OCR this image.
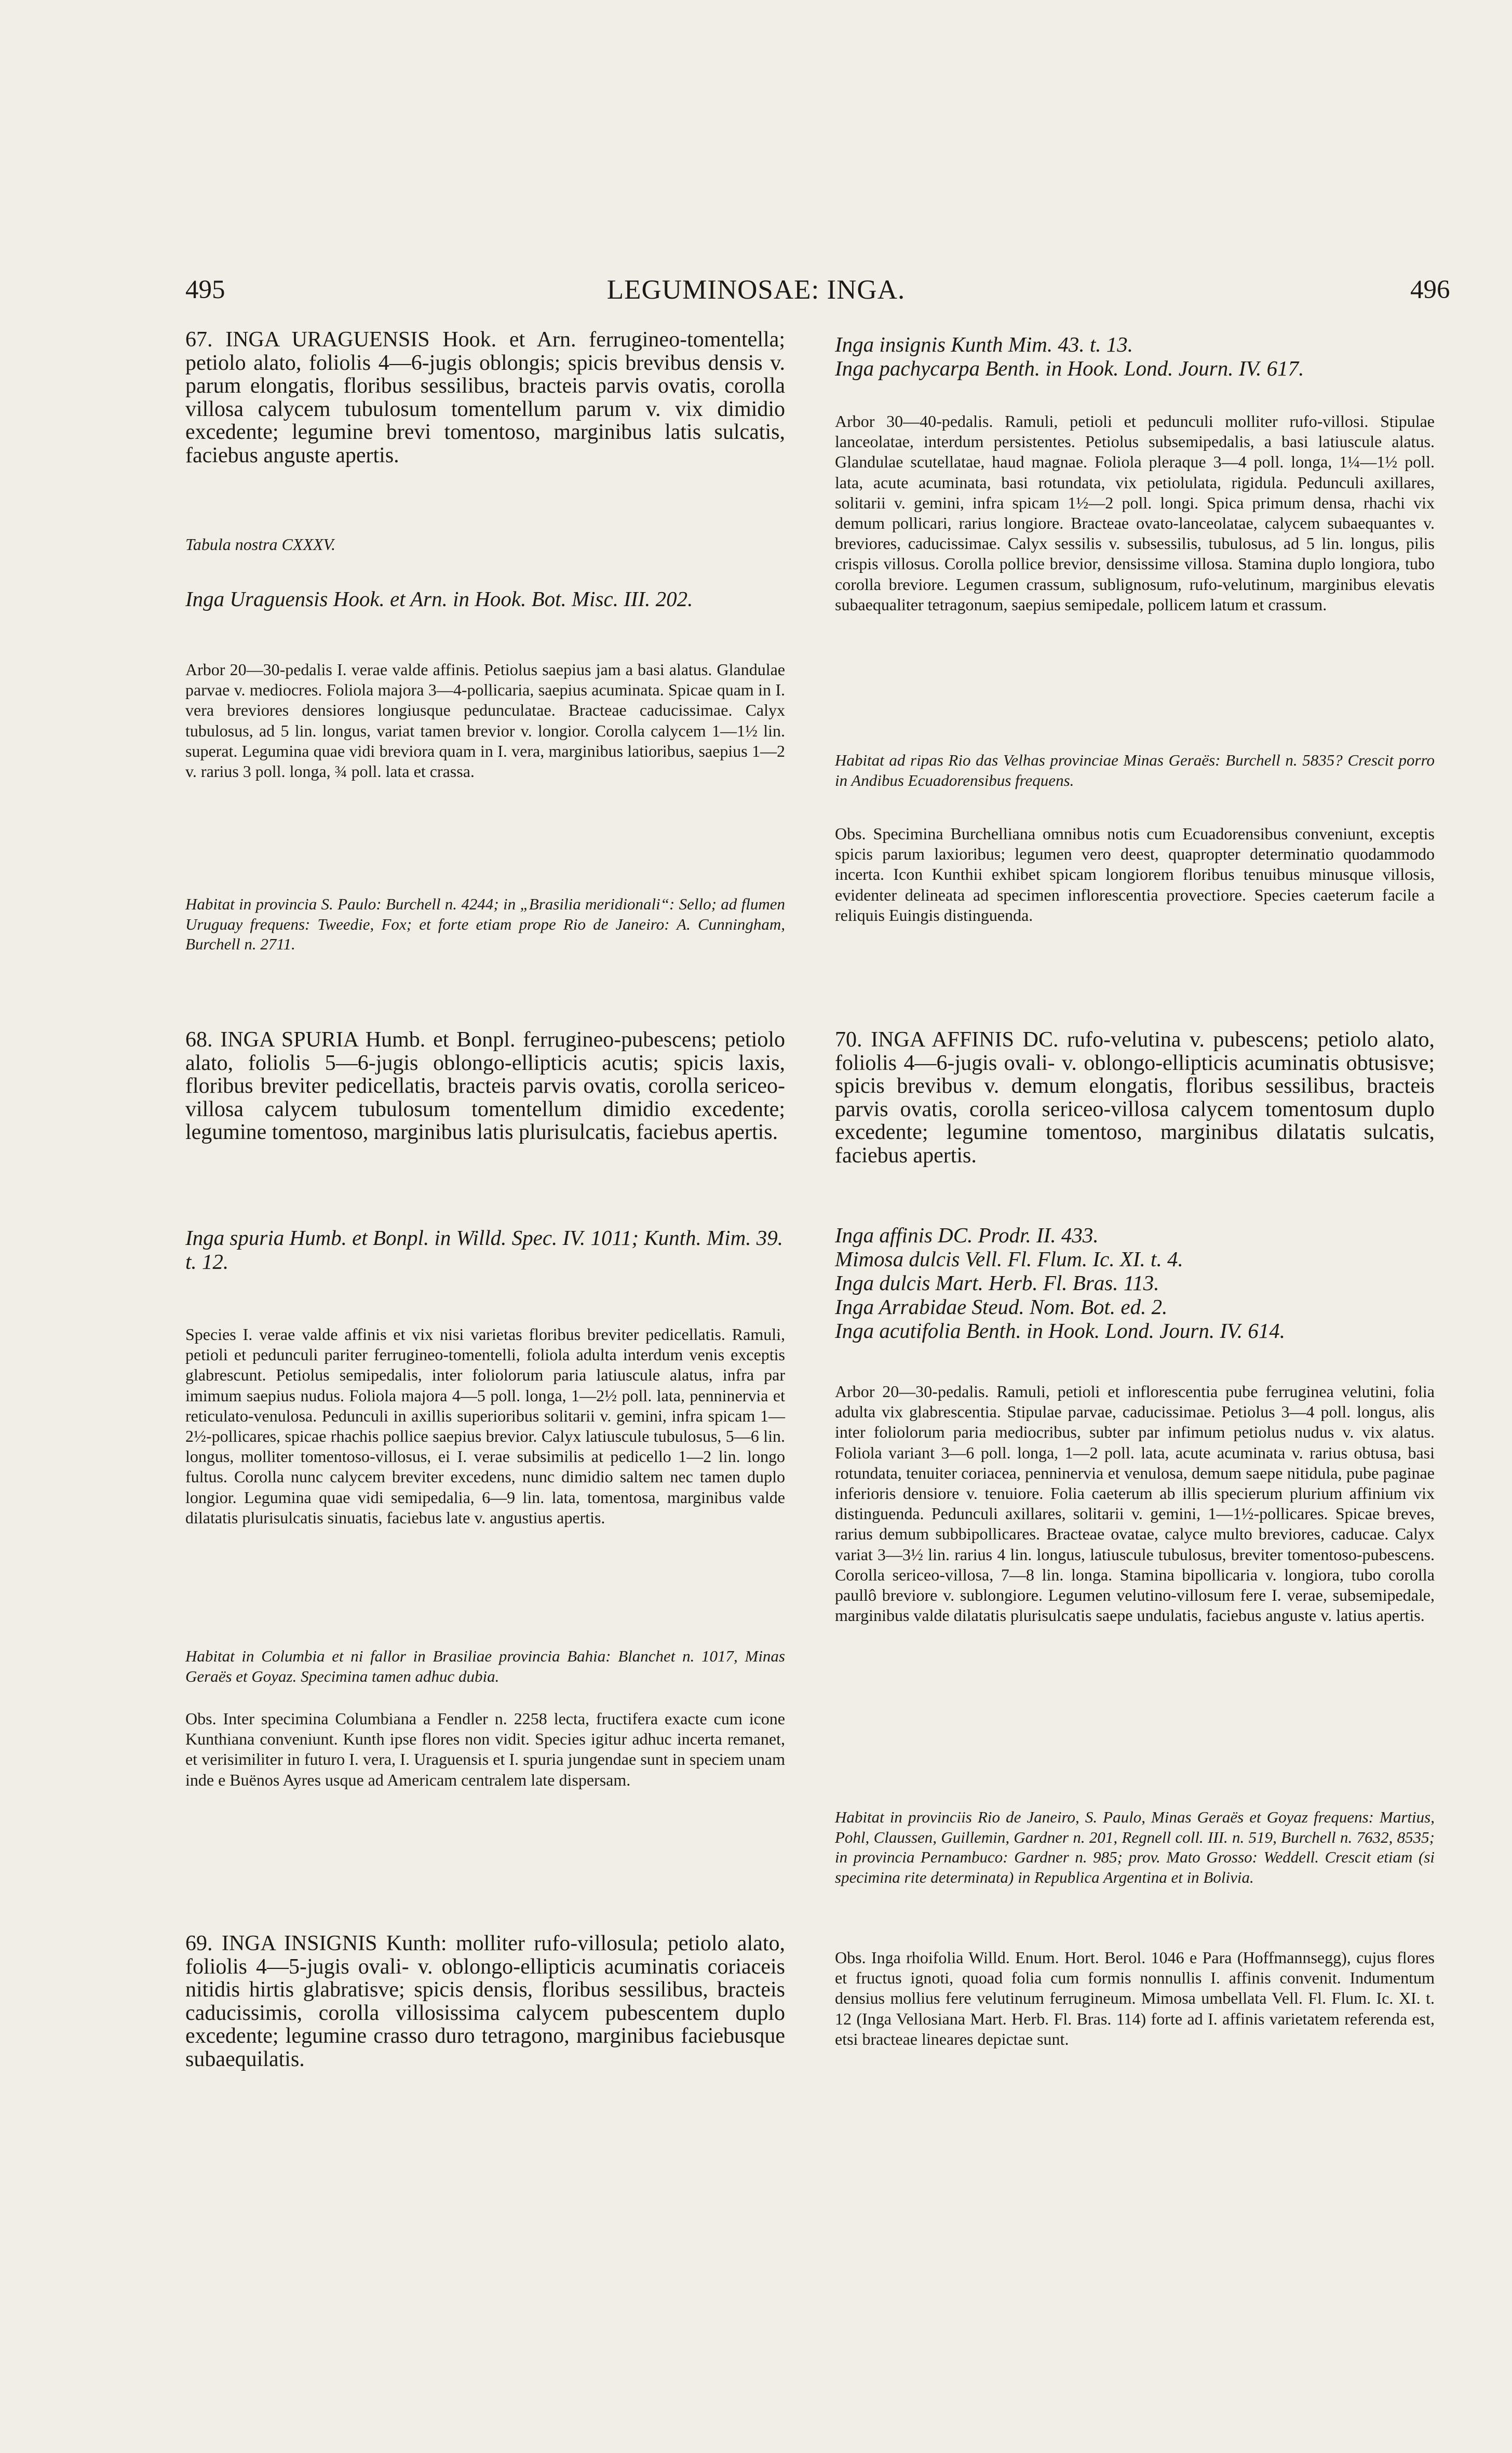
495	LEGUMINOSAE: INGA.	496

67. INGA URAGUENSIS Hook. et Arn. ferrugineo-tomentella; petiolo alato, foliolis 4—6-jugis oblongis; spicis brevibus densis v. parum elongatis, floribus sessilibus, bracteis parvis ovatis, corolla villosa calycem tubulosum tomentellum parum v. vix dimidio excedente; legumine brevi tomentoso, marginibus latis sulcatis, faciebus anguste apertis.

Tabula nostra CXXXV.

Inga Uraguensis Hook. et Arn. in Hook. Bot. Misc. III. 202.

Arbor 20—30-pedalis I. verae valde affinis. Petiolus saepius jam a basi alatus. Glandulae parvae v. mediocres. Foliola majora 3—4-pollicaria, saepius acuminata. Spicae quam in I. vera breviores densiores longiusque pedunculatae. Bracteae caducissimae. Calyx tubulosus, ad 5 lin. longus, variat tamen brevior v. longior. Corolla calycem 1—1½ lin. superat. Legumina quae vidi breviora quam in I. vera, marginibus latioribus, saepius 1—2 v. rarius 3 poll. longa, ¾ poll. lata et crassa.

Habitat in provincia S. Paulo: Burchell n. 4244; in „Brasilia meridionali“: Sello; ad flumen Uruguay frequens: Tweedie, Fox; et forte etiam prope Rio de Janeiro: A. Cunningham, Burchell n. 2711.

68. INGA SPURIA Humb. et Bonpl. ferrugineo-pubescens; petiolo alato, foliolis 5—6-jugis oblongo-ellipticis acutis; spicis laxis, floribus breviter pedicellatis, bracteis parvis ovatis, corolla sericeo-villosa calycem tubulosum tomentellum dimidio excedente; legumine tomentoso, marginibus latis plurisulcatis, faciebus apertis.

Inga spuria Humb. et Bonpl. in Willd. Spec. IV. 1011; Kunth. Mim. 39. t. 12.

Species I. verae valde affinis et vix nisi varietas floribus breviter pedicellatis. Ramuli, petioli et pedunculi pariter ferrugineo-tomentelli, foliola adulta interdum venis exceptis glabrescunt. Petiolus semipedalis, inter foliolorum paria latiuscule alatus, infra par imimum saepius nudus. Foliola majora 4—5 poll. longa, 1—2½ poll. lata, penninervia et reticulato-venulosa. Pedunculi in axillis superioribus solitarii v. gemini, infra spicam 1—2½-pollicares, spicae rhachis pollice saepius brevior. Calyx latiuscule tubulosus, 5—6 lin. longus, molliter tomentoso-villosus, ei I. verae subsimilis at pedicello 1—2 lin. longo fultus. Corolla nunc calycem breviter excedens, nunc dimidio saltem nec tamen duplo longior. Legumina quae vidi semipedalia, 6—9 lin. lata, tomentosa, marginibus valde dilatatis plurisulcatis sinuatis, faciebus late v. angustius apertis.

Habitat in Columbia et ni fallor in Brasiliae provincia Bahia: Blanchet n. 1017, Minas Geraës et Goyaz. Specimina tamen adhuc dubia.

Obs. Inter specimina Columbiana a Fendler n. 2258 lecta, fructifera exacte cum icone Kunthiana conveniunt. Kunth ipse flores non vidit. Species igitur adhuc incerta remanet, et verisimiliter in futuro I. vera, I. Uraguensis et I. spuria jungendae sunt in speciem unam inde e Buënos Ayres usque ad Americam centralem late dispersam.

69. INGA INSIGNIS Kunth: molliter rufo-villosula; petiolo alato, foliolis 4—5-jugis ovali- v. oblongo-ellipticis acuminatis coriaceis nitidis hirtis glabratisve; spicis densis, floribus sessilibus, bracteis caducissimis, corolla villosissima calycem pubescentem duplo excedente; legumine crasso duro tetragono, marginibus faciebusque subaequilatis.

Inga insignis Kunth Mim. 43. t. 13.

Inga pachycarpa Benth. in Hook. Lond. Journ. IV. 617.

Arbor 30—40-pedalis. Ramuli, petioli et pedunculi molliter rufo-villosi. Stipulae lanceolatae, interdum persistentes. Petiolus subsemipedalis, a basi latiuscule alatus. Glandulae scutellatae, haud magnae. Foliola pleraque 3—4 poll. longa, 1¼—1½ poll. lata, acute acuminata, basi rotundata, vix petiolulata, rigidula. Pedunculi axillares, solitarii v. gemini, infra spicam 1½—2 poll. longi. Spica primum densa, rhachi vix demum pollicari, rarius longiore. Bracteae ovato-lanceolatae, calycem subaequantes v. breviores, caducissimae. Calyx sessilis v. subsessilis, tubulosus, ad 5 lin. longus, pilis crispis villosus. Corolla pollice brevior, densissime villosa. Stamina duplo longiora, tubo corolla breviore. Legumen crassum, sublignosum, rufo-velutinum, marginibus elevatis subaequaliter tetragonum, saepius semipedale, pollicem latum et crassum.

Habitat ad ripas Rio das Velhas provinciae Minas Geraës: Burchell n. 5835? Crescit porro in Andibus Ecuadorensibus frequens.

Obs. Specimina Burchelliana omnibus notis cum Ecuadorensibus conveniunt, exceptis spicis parum laxioribus; legumen vero deest, quapropter determinatio quodammodo incerta. Icon Kunthii exhibet spicam longiorem floribus tenuibus minusque villosis, evidenter delineata ad specimen inflorescentia provectiore. Species caeterum facile a reliquis Euingis distinguenda.

70. INGA AFFINIS DC. rufo-velutina v. pubescens; petiolo alato, foliolis 4—6-jugis ovali- v. oblongo-ellipticis acuminatis obtusisve; spicis brevibus v. demum elongatis, floribus sessilibus, bracteis parvis ovatis, corolla sericeo-villosa calycem tomentosum duplo excedente; legumine tomentoso, marginibus dilatatis sulcatis, faciebus apertis.

Inga affinis DC. Prodr. II. 433.

Mimosa dulcis Vell. Fl. Flum. Ic. XI. t. 4.

Inga dulcis Mart. Herb. Fl. Bras. 113.

Inga Arrabidae Steud. Nom. Bot. ed. 2.

Inga acutifolia Benth. in Hook. Lond. Journ. IV. 614.

Arbor 20—30-pedalis. Ramuli, petioli et inflorescentia pube ferruginea velutini, folia adulta vix glabrescentia. Stipulae parvae, caducissimae. Petiolus 3—4 poll. longus, alis inter foliolorum paria mediocribus, subter par infimum petiolus nudus v. vix alatus. Foliola variant 3—6 poll. longa, 1—2 poll. lata, acute acuminata v. rarius obtusa, basi rotundata, tenuiter coriacea, penninervia et venulosa, demum saepe nitidula, pube paginae inferioris densiore v. tenuiore. Folia caeterum ab illis specierum plurium affinium vix distinguenda. Pedunculi axillares, solitarii v. gemini, 1—1½-pollicares. Spicae breves, rarius demum subbipollicares. Bracteae ovatae, calyce multo breviores, caducae. Calyx variat 3—3½ lin. rarius 4 lin. longus, latiuscule tubulosus, breviter tomentoso-pubescens. Corolla sericeo-villosa, 7—8 lin. longa. Stamina bipollicaria v. longiora, tubo corolla paullô breviore v. sublongiore. Legumen velutino-villosum fere I. verae, subsemipedale, marginibus valde dilatatis plurisulcatis saepe undulatis, faciebus anguste v. latius apertis.

Habitat in provinciis Rio de Janeiro, S. Paulo, Minas Geraës et Goyaz frequens: Martius, Pohl, Claussen, Guillemin, Gardner n. 201, Regnell coll. III. n. 519, Burchell n. 7632, 8535; in provincia Pernambuco: Gardner n. 985; prov. Mato Grosso: Weddell. Crescit etiam (si specimina rite determinata) in Republica Argentina et in Bolivia.

Obs. Inga rhoifolia Willd. Enum. Hort. Berol. 1046 e Para (Hoffmannsegg), cujus flores et fructus ignoti, quoad folia cum formis nonnullis I. affinis convenit. Indumentum densius mollius fere velutinum ferrugineum. Mimosa umbellata Vell. Fl. Flum. Ic. XI. t. 12 (Inga Vellosiana Mart. Herb. Fl. Bras. 114) forte ad I. affinis varietatem referenda est, etsi bracteae lineares depictae sunt.
